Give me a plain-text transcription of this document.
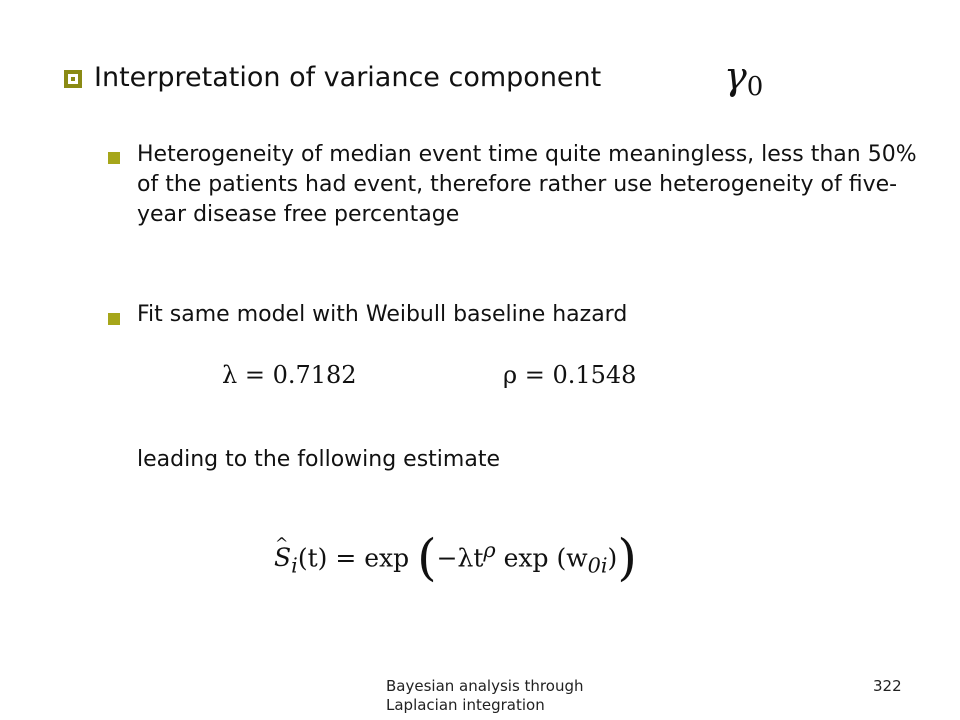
Interpretation of variance component	$\gamma_0$
Heterogeneity of median event time quite meaningless, less than 50% of the patients had event, therefore rather use heterogeneity of five-year disease free percentage
Fit same model with Weibull baseline hazard
λ = 0.7182	ρ = 0.1548
leading to the following estimate
^ $S_i(t) = \exp (-\lambda t^\rho$ $\exp (w_{0i})$)
Bayesian analysis through Laplacian integration
322
